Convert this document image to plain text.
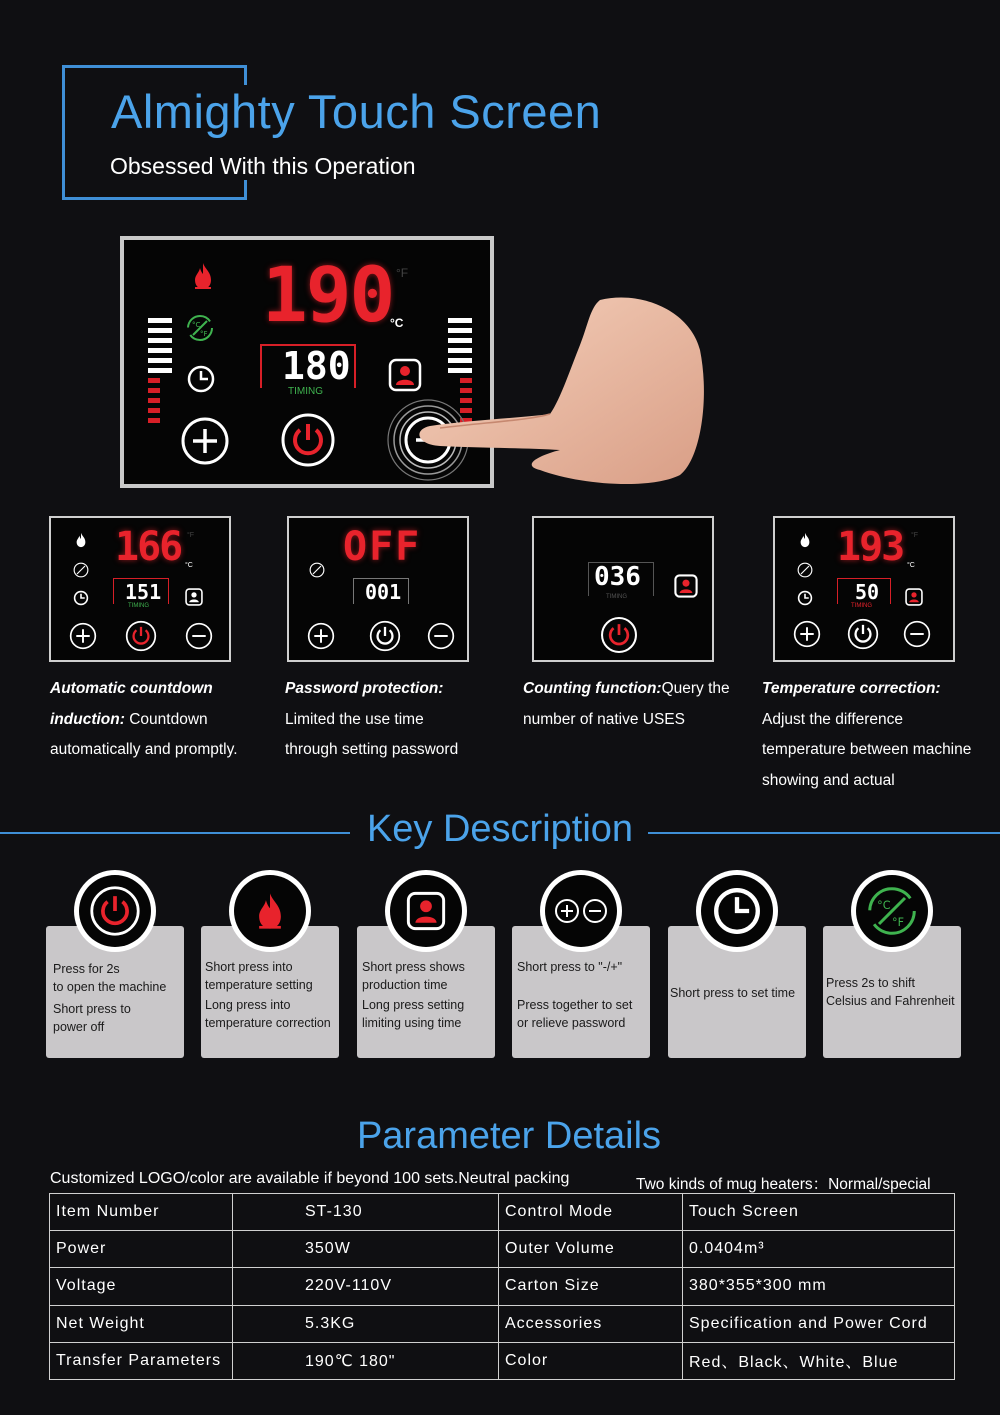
Almighty Touch Screen
Obsessed With this Operation
°C
°F 190 °F
°C
180
TIMING
166 °F
°C
151
TIMING
OFF
001	036
TIMING
193 °F
°C
50
TIMING
Automatic countdown
induction: Countdown
automatically and promptly.
Password protection:
Limited the use time
through setting password
Counting function:Query the
number of native USES
Temperature correction:
Adjust the difference
temperature between machine
showing and actual
Key Description

Press for 2s

to open the machine

Short press to

power off

Short press into

temperature setting

Long press into

temperature correction

Short press shows

production time

Long press setting

limiting using time

Short press to "-/+"

Press together to set

or relieve password

Short press to set time

Press 2s to shift

Celsius and Fahrenheit

°C
°F
Parameter Details
Customized LOGO/color are available if beyond 100 sets.Neutral packing	Two kinds of mug heaters：Normal/special
Item Number	ST-130	Control Mode	Touch Screen
Power	350W	Outer Volume	0.0404m³
Voltage	220V-110V	Carton Size	380*355*300 mm
Net Weight	5.3KG	Accessories	Specification and Power Cord
Transfer Parameters	190℃ 180"	Color	Red、Black、White、Blue
